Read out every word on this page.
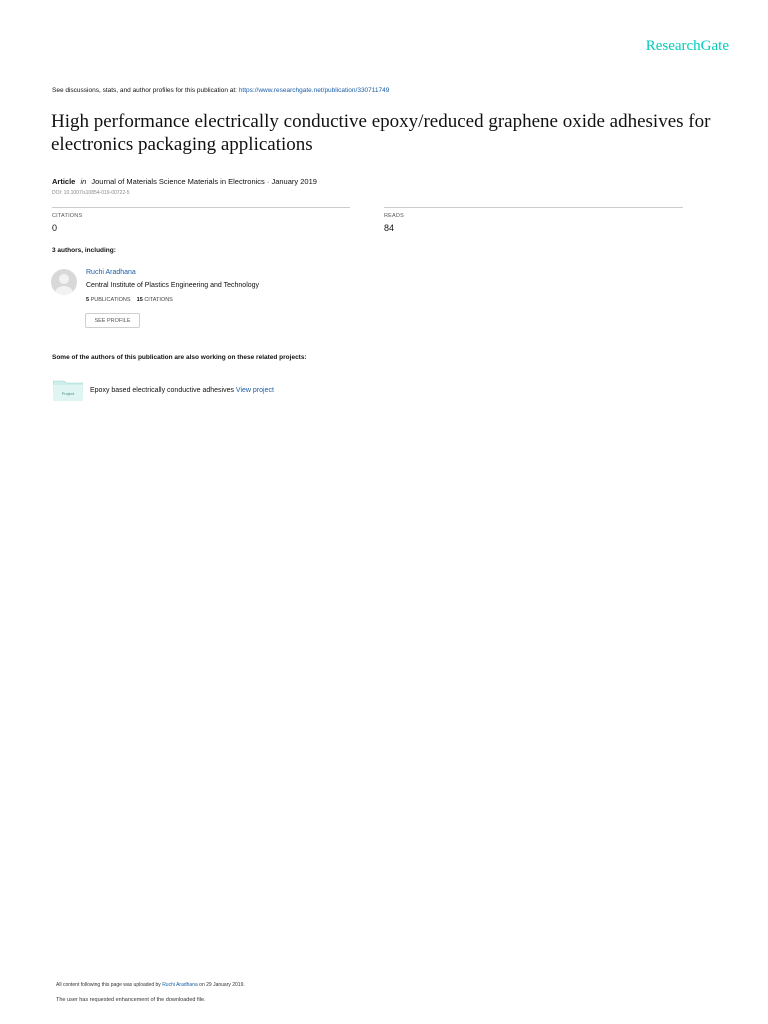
ResearchGate
See discussions, stats, and author profiles for this publication at: https://www.researchgate.net/publication/330711749
High performance electrically conductive epoxy/reduced graphene oxide adhesives for electronics packaging applications
Article in Journal of Materials Science Materials in Electronics · January 2019
DOI: 10.1007/s10854-019-00722-5
CITATIONS
0
READS
84
3 authors, including:
Ruchi Aradhana
Central Institute of Plastics Engineering and Technology
5 PUBLICATIONS 15 CITATIONS
SEE PROFILE
Some of the authors of this publication are also working on these related projects:
Project Epoxy based electrically conductive adhesives View project
All content following this page was uploaded by Ruchi Aradhana on 29 January 2019.
The user has requested enhancement of the downloaded file.
